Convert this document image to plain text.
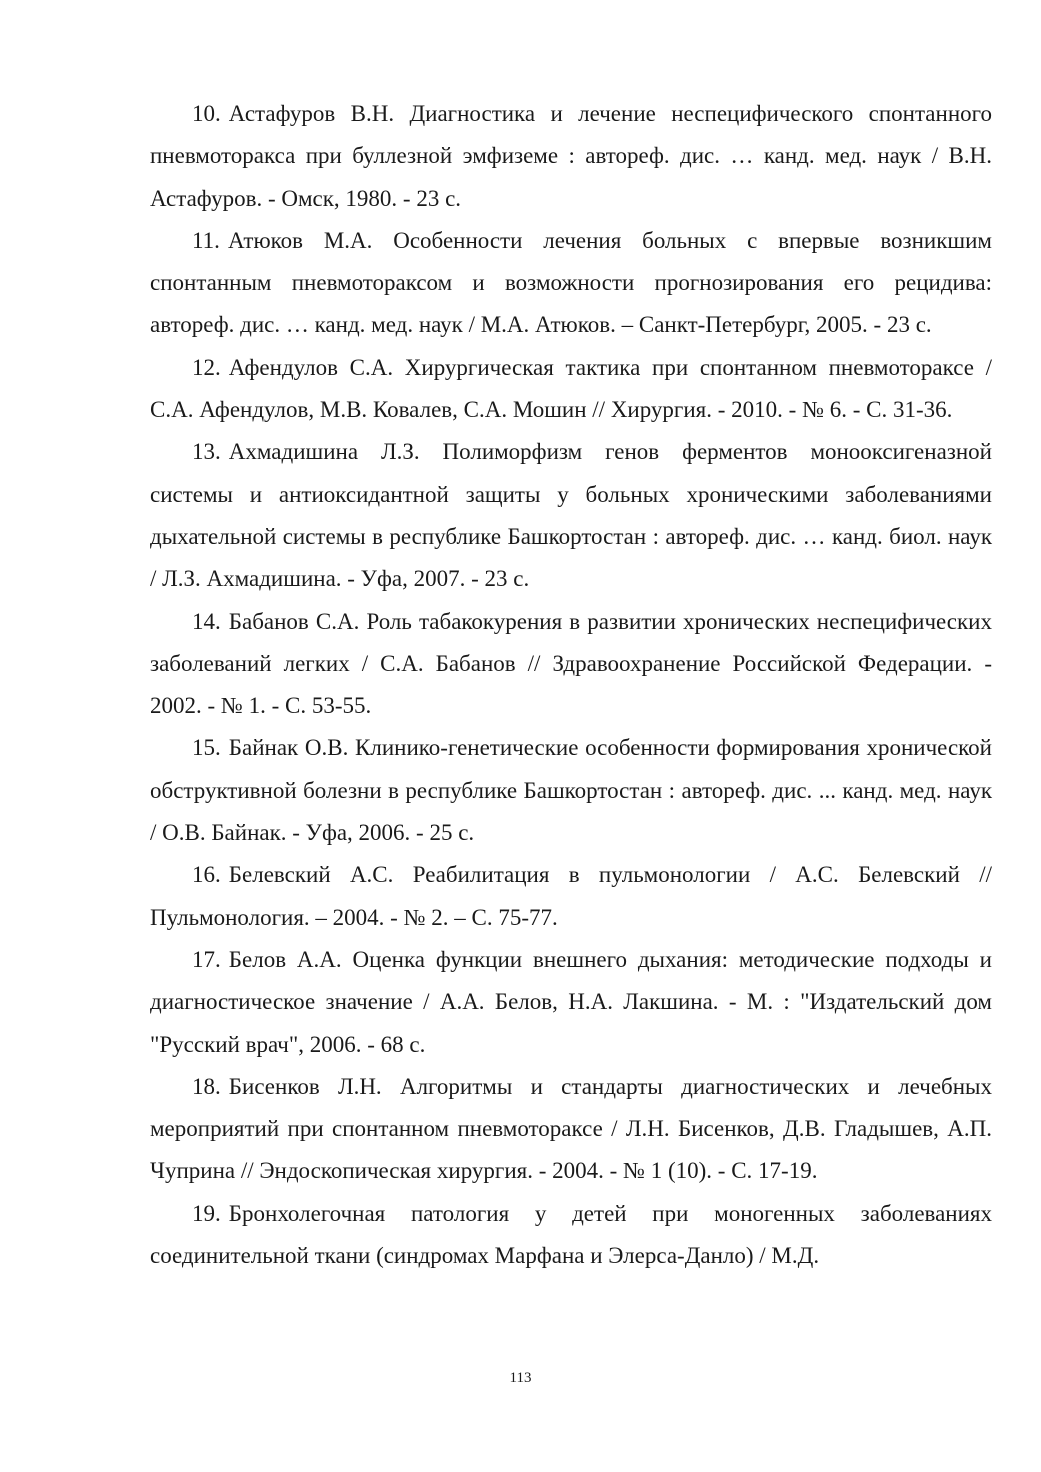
10. Астафуров В.Н. Диагностика и лечение неспецифического спонтанного пневмоторакса при буллезной эмфиземе : автореф. дис. … канд. мед. наук / В.Н. Астафуров. - Омск, 1980. - 23 с.

11. Атюков М.А. Особенности лечения больных с впервые возникшим спонтанным пневмотораксом и возможности прогнозирования его рецидива: автореф. дис. … канд. мед. наук / М.А. Атюков. – Санкт-Петербург, 2005. - 23 с.

12. Афендулов С.А. Хирургическая тактика при спонтанном пневмотораксе / С.А. Афендулов, М.В. Ковалев, С.А. Мошин // Хирургия. - 2010. - № 6. - С. 31-36.

13. Ахмадишина Л.З. Полиморфизм генов ферментов монооксигеназной системы и антиоксидантной защиты у больных хроническими заболеваниями дыхательной системы в республике Башкортостан : автореф. дис. … канд. биол. наук / Л.З. Ахмадишина. - Уфа, 2007. - 23 с.

14. Бабанов С.А. Роль табакокурения в развитии хронических неспецифических заболеваний легких / С.А. Бабанов // Здравоохранение Российской Федерации. - 2002. - № 1. - С. 53-55.

15. Байнак О.В. Клинико-генетические особенности формирования хронической обструктивной болезни в республике Башкортостан : автореф. дис. ... канд. мед. наук / О.В. Байнак. - Уфа, 2006. - 25 с.

16. Белевский А.С. Реабилитация в пульмонологии / А.С. Белевский // Пульмонология. – 2004. - № 2. – С. 75-77.

17. Белов А.А. Оценка функции внешнего дыхания: методические подходы и диагностическое значение / А.А. Белов, Н.А. Лакшина. - М. : "Издательский дом "Русский врач", 2006. - 68 с.

18. Бисенков Л.Н. Алгоритмы и стандарты диагностических и лечебных мероприятий при спонтанном пневмотораксе / Л.Н. Бисенков, Д.В. Гладышев, А.П. Чуприна // Эндоскопическая хирургия. - 2004. - № 1 (10). - С. 17-19.

19. Бронхолегочная патология у детей при моногенных заболеваниях соединительной ткани (синдромах Марфана и Элерса-Данло) / М.Д.

113
